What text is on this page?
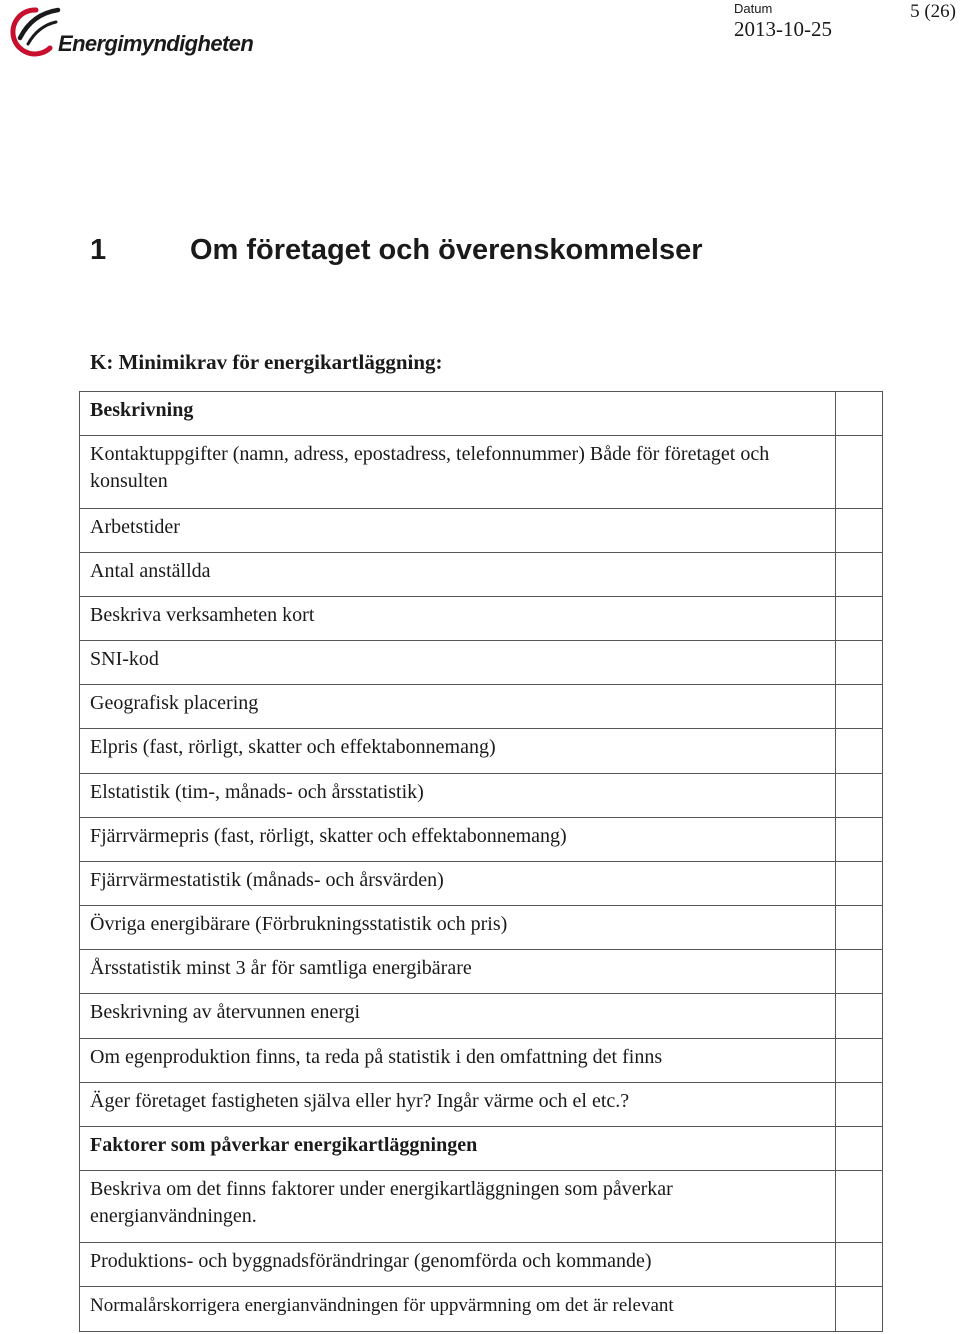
Energimyndigheten
Datum
2013-10-25
5 (26)
1	Om företaget och överenskommelser
K: Minimikrav för energikartläggning:
Beskrivning	

Kontaktuppgifter (namn, adress, epostadress, telefonnummer) Både för företaget och konsulten	

Arbetstider	

Antal anställda	

Beskriva verksamheten kort	

SNI-kod	

Geografisk placering	

Elpris (fast, rörligt, skatter och effektabonnemang)	

Elstatistik (tim-, månads- och årsstatistik)	

Fjärrvärmepris (fast, rörligt, skatter och effektabonnemang)	

Fjärrvärmestatistik (månads- och årsvärden)	

Övriga energibärare (Förbrukningsstatistik och pris)	

Årsstatistik minst 3 år för samtliga energibärare	

Beskrivning av återvunnen energi	

Om egenproduktion finns, ta reda på statistik i den omfattning det finns	

Äger företaget fastigheten själva eller hyr? Ingår värme och el etc.?	

Faktorer som påverkar energikartläggningen	

Beskriva om det finns faktorer under energikartläggningen som påverkar energianvändningen.	

Produktions- och byggnadsförändringar (genomförda och kommande)	

Normalårskorrigera energianvändningen för uppvärmning om det är relevant	
